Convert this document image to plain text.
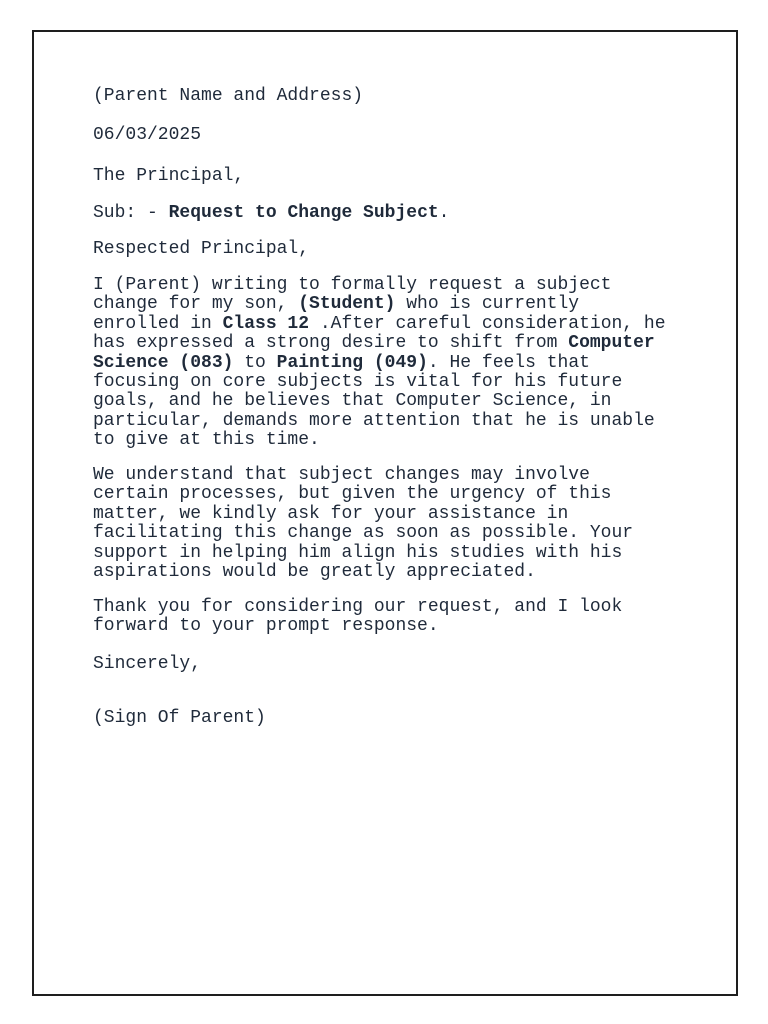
(Parent Name and Address)
06/03/2025
The Principal,
Sub: - Request to Change Subject.
Respected Principal,
I (Parent) writing to formally request a subject
change for my son, (Student) who is currently
enrolled in Class 12 .After careful consideration, he
has expressed a strong desire to shift from Computer
Science (083) to Painting (049). He feels that
focusing on core subjects is vital for his future
goals, and he believes that Computer Science, in
particular, demands more attention that he is unable
to give at this time.
We understand that subject changes may involve
certain processes, but given the urgency of this
matter, we kindly ask for your assistance in
facilitating this change as soon as possible. Your
support in helping him align his studies with his
aspirations would be greatly appreciated.
Thank you for considering our request, and I look
forward to your prompt response.
Sincerely,
(Sign Of Parent)
